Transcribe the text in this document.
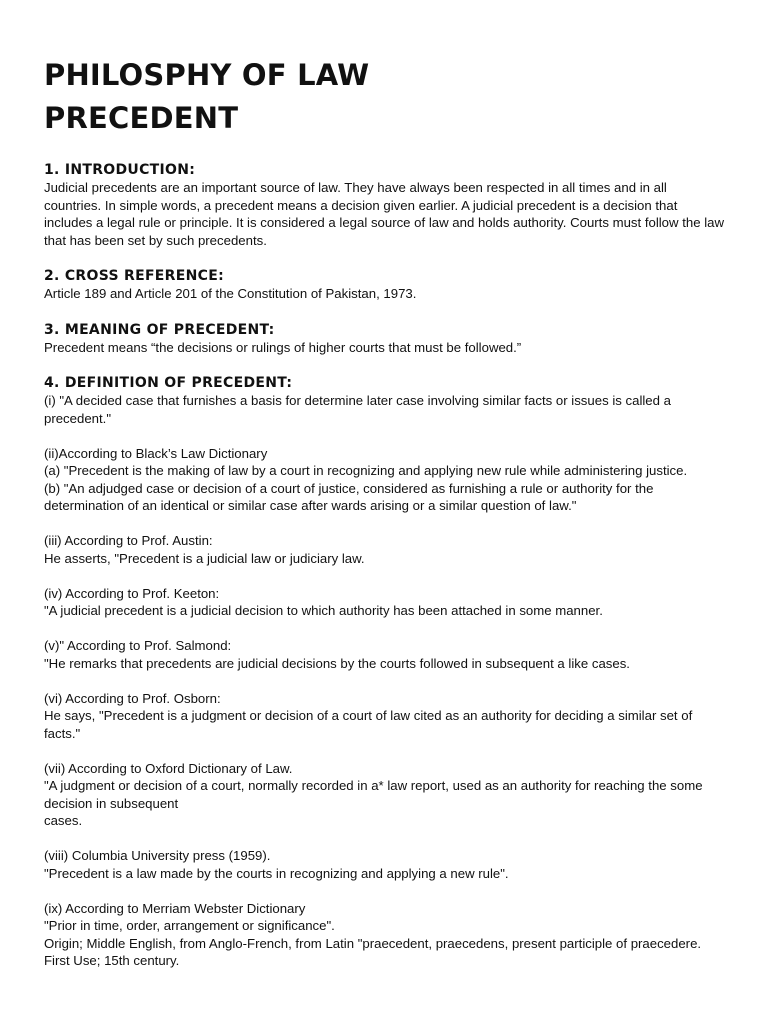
PHILOSPHY OF LAW

PRECEDENT

1. INTRODUCTION:

Judicial precedents are an important source of law. They have always been respected in all times and in all countries. In simple words, a precedent means a decision given earlier. A judicial precedent is a decision that includes a legal rule or principle. It is considered a legal source of law and holds authority. Courts must follow the law that has been set by such precedents.

2. CROSS REFERENCE:

Article 189 and Article 201 of the Constitution of Pakistan, 1973.

3. MEANING OF PRECEDENT:

Precedent means “the decisions or rulings of higher courts that must be followed.”

4. DEFINITION OF PRECEDENT:

(i) "A decided case that furnishes a basis for determine later case involving similar facts or issues is called a precedent."

(ii)According to Black’s Law Dictionary

(a) "Precedent is the making of law by a court in recognizing and applying new rule while administering justice.

(b) "An adjudged case or decision of a court of justice, considered as furnishing a rule or authority for the determination of an identical or similar case after wards arising or a similar question of law."

(iii) According to Prof. Austin:

He asserts, "Precedent is a judicial law or judiciary law.

(iv) According to Prof. Keeton:

"A judicial precedent is a judicial decision to which authority has been attached in some manner.

(v)" According to Prof. Salmond:

"He remarks that precedents are judicial decisions by the courts followed in subsequent a like cases.

(vi) According to Prof. Osborn:

He says, "Precedent is a judgment or decision of a court of law cited as an authority for deciding a similar set of facts."

(vii) According to Oxford Dictionary of Law.

"A judgment or decision of a court, normally recorded in a* law report, used as an authority for reaching the some decision in subsequent

cases.

(viii) Columbia University press (1959).

"Precedent is a law made by the courts in recognizing and applying a new rule".

(ix) According to Merriam Webster Dictionary

"Prior in time, order, arrangement or significance".

Origin; Middle English, from Anglo-French, from Latin "praecedent, praecedens, present participle of praecedere. First Use; 15th century.
